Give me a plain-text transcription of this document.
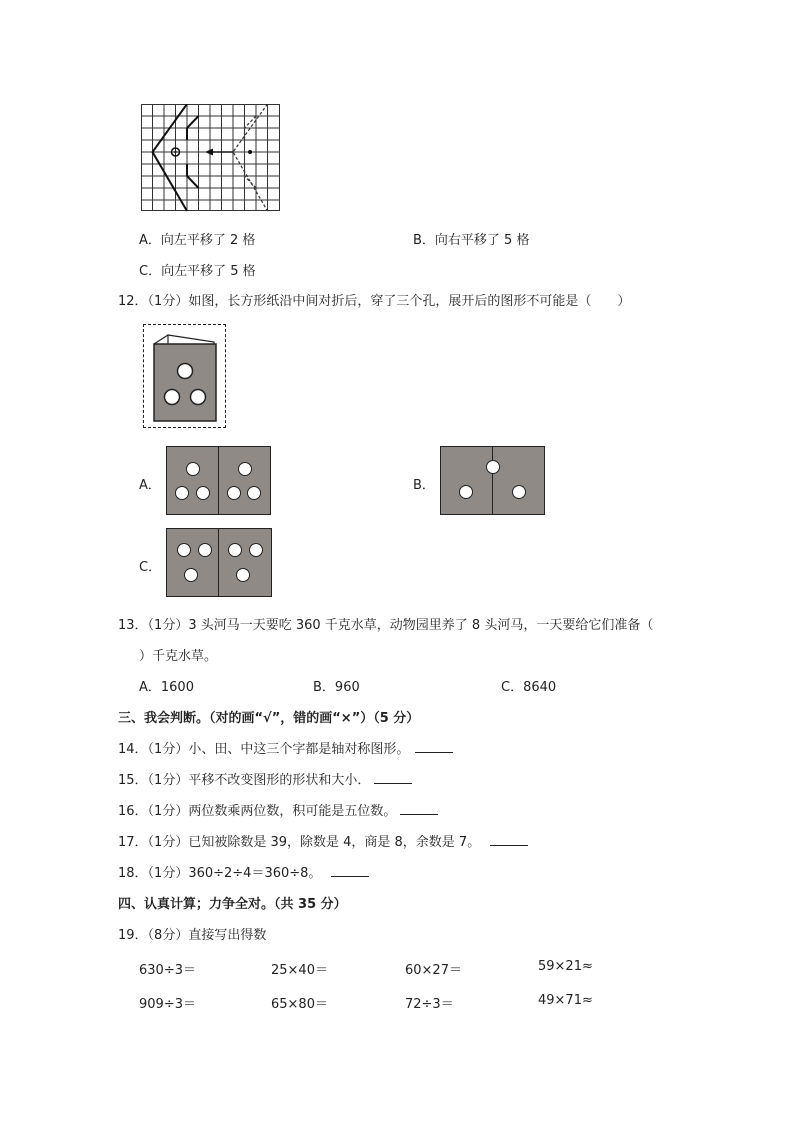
A．向左平移了 2 格	B．向右平移了 5 格
C．向左平移了 5 格
12．（1分）如图，长方形纸沿中间对折后，穿了三个孔，展开后的图形不可能是（　　）
A．	B．
C．
13．（1分）3 头河马一天要吃 360 千克水草，动物园里养了 8 头河马，一天要给它们准备（
）千克水草。
A．1600	B．960	C．8640
三、我会判断。（对的画“√”，错的画“×”）（5 分）
14．（1分）小、田、中这三个字都是轴对称图形。
15．（1分）平移不改变图形的形状和大小．
16．（1分）两位数乘两位数，积可能是五位数。
17．（1分）已知被除数是 39，除数是 4，商是 8，余数是 7。
18．（1分）360÷2÷4＝360÷8。
四、认真计算；力争全对。（共 35 分）
19．（8分）直接写出得数
630÷3＝	25×40＝	60×27＝	59×21≈
909÷3＝	65×80＝	72÷3＝	49×71≈
